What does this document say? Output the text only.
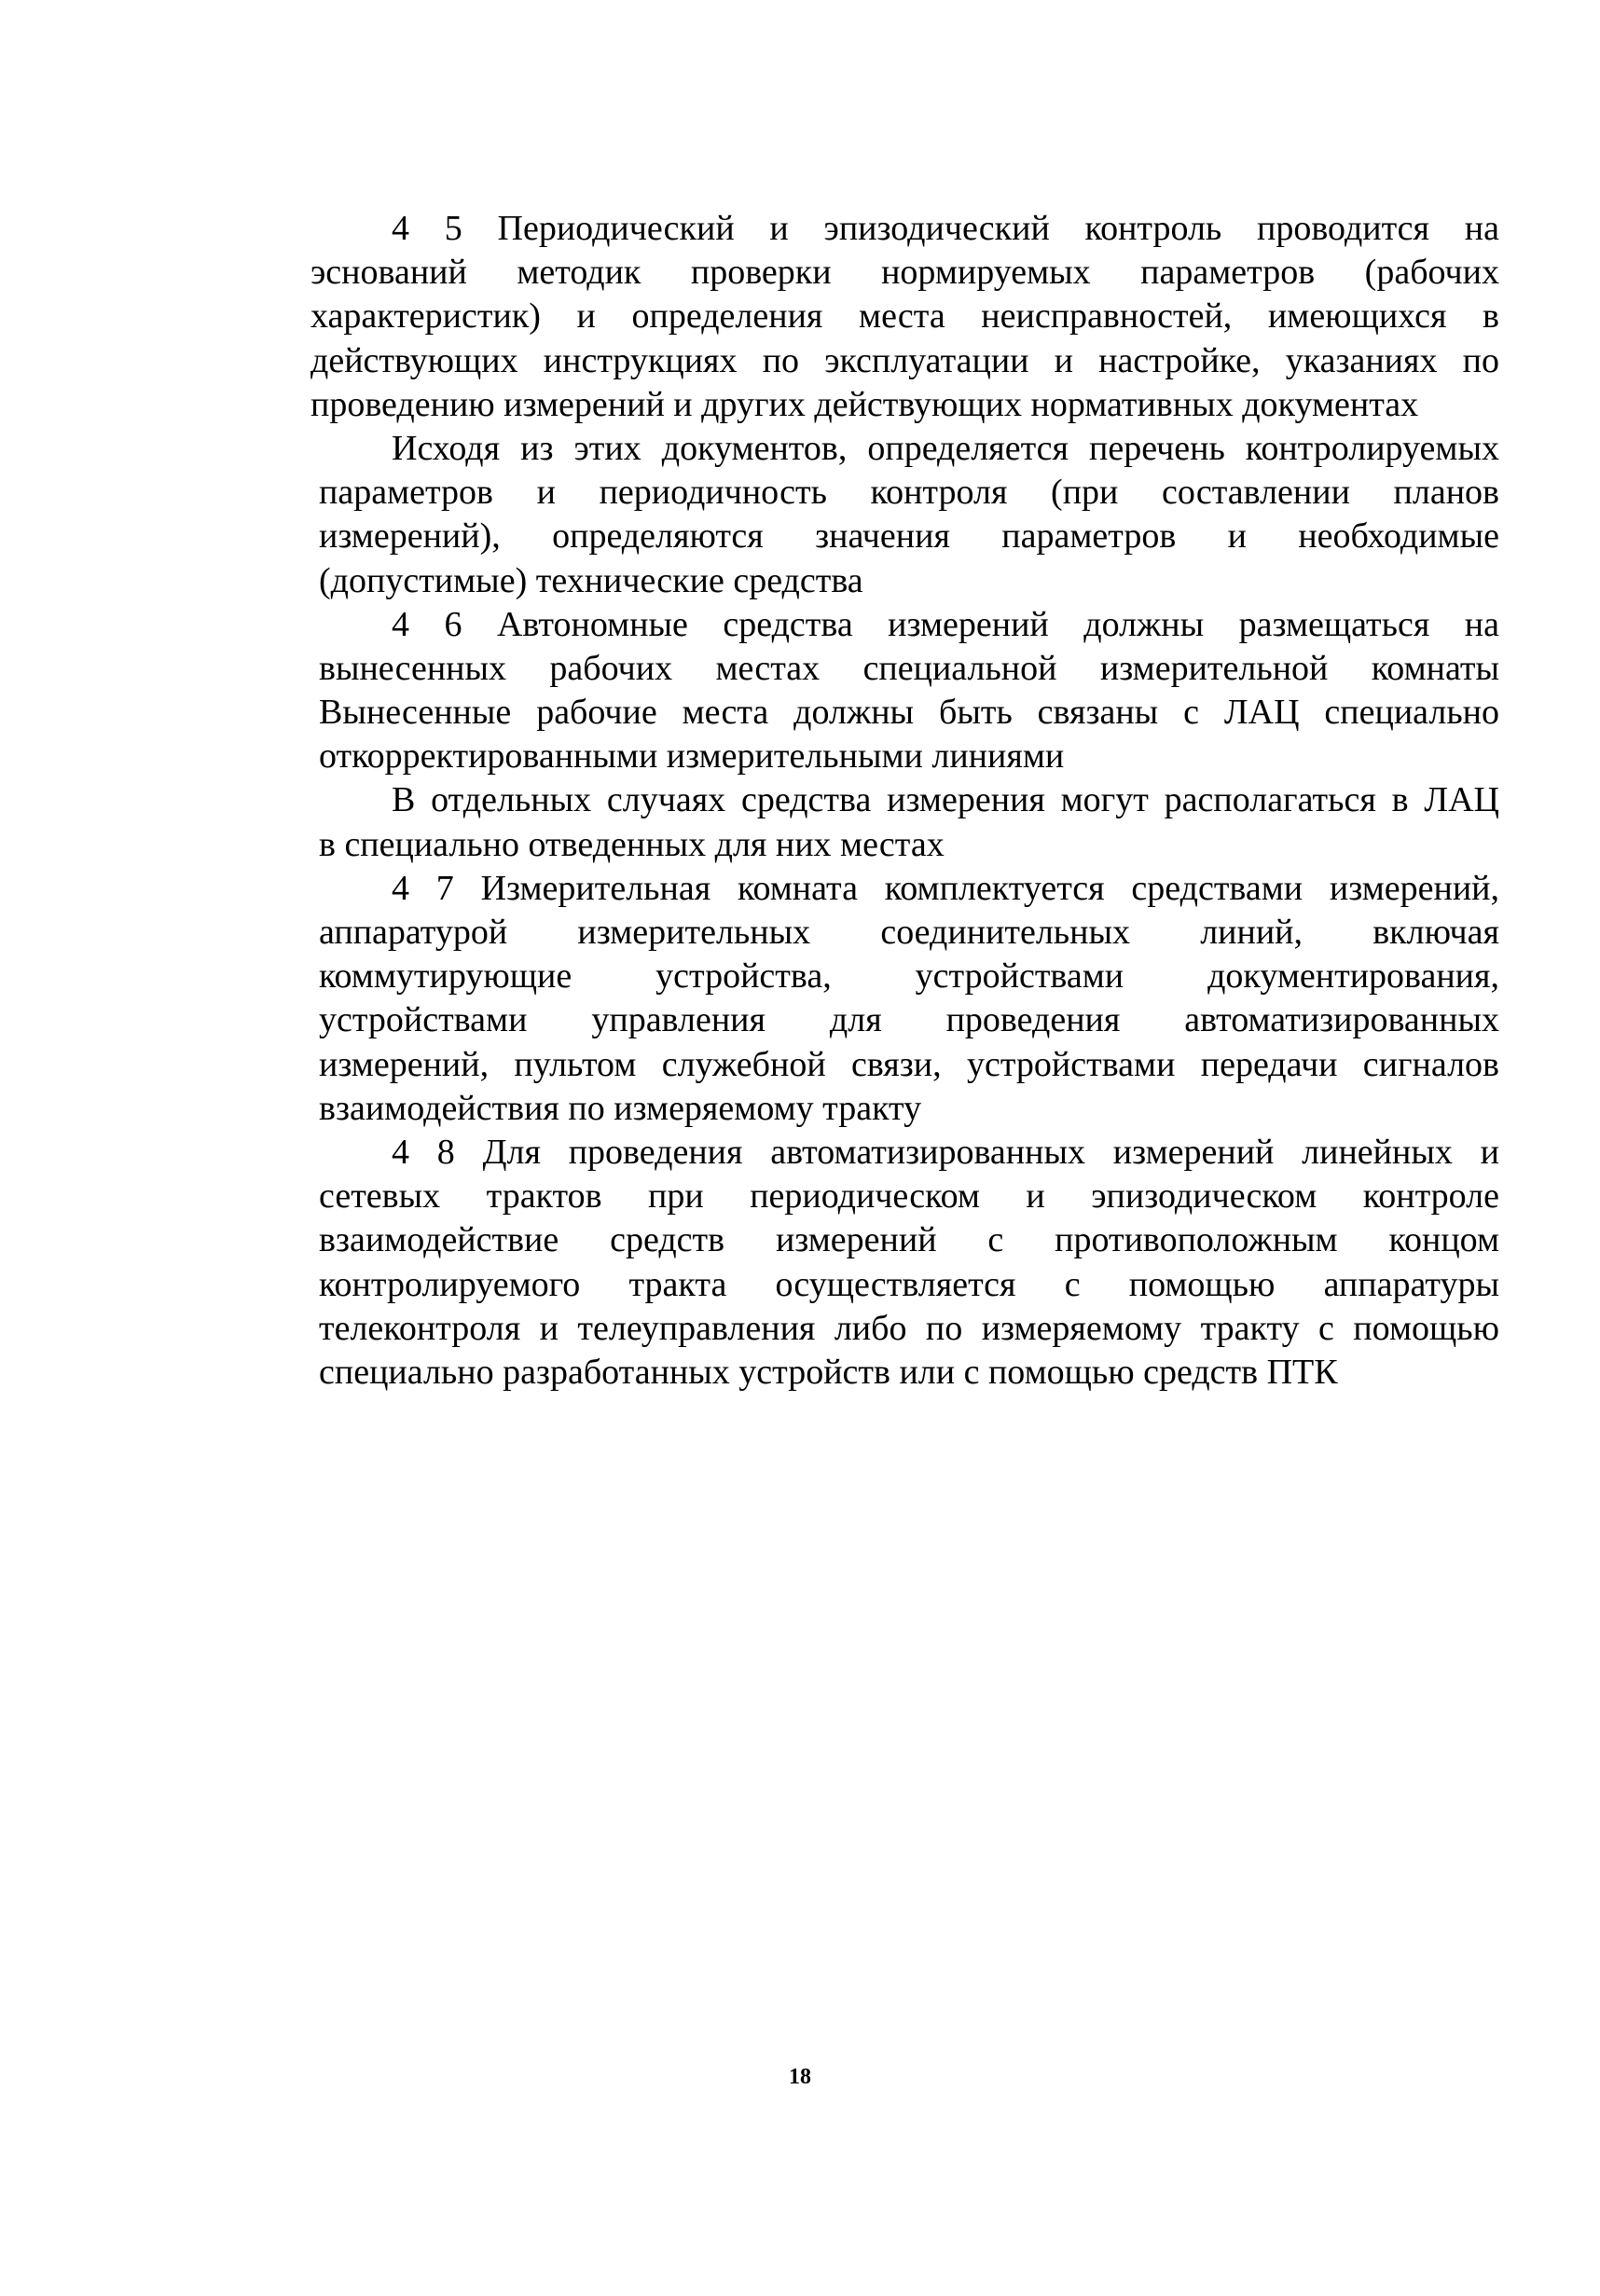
4 5 Периодический и эпизодический контроль проводится на
эснований методик проверки нормируемых параметров (рабочих
характеристик) и определения места неисправностей, имеющихся в
действующих инструкциях по эксплуатации и настройке, указаниях по
проведению измерений и других действующих нормативных документах
Исходя из этих документов, определяется перечень контролируемых
параметров и периодичность контроля (при составлении планов
измерений), определяются значения параметров и необходимые
(допустимые) технические средства
4 6 Автономные средства измерений должны размещаться на
вынесенных рабочих местах специальной измерительной комнаты
Вынесенные рабочие места должны быть связаны с ЛАЦ специально
откорректированными измерительными линиями
В отдельных случаях средства измерения могут располагаться в ЛАЦ
в специально отведенных для них местах
4 7 Измерительная комната комплектуется средствами измерений,
аппаратурой измерительных соединительных линий, включая
коммутирующие устройства, устройствами документирования,
устройствами управления для проведения автоматизированных
измерений, пультом служебной связи, устройствами передачи сигналов
взаимодействия по измеряемому тракту
4 8 Для проведения автоматизированных измерений линейных и
сетевых трактов при периодическом и эпизодическом контроле
взаимодействие средств измерений с противоположным концом
контролируемого тракта осуществляется с помощью аппаратуры
телеконтроля и телеуправления либо по измеряемому тракту с помощью
специально разработанных устройств или с помощью средств ПТК
18
